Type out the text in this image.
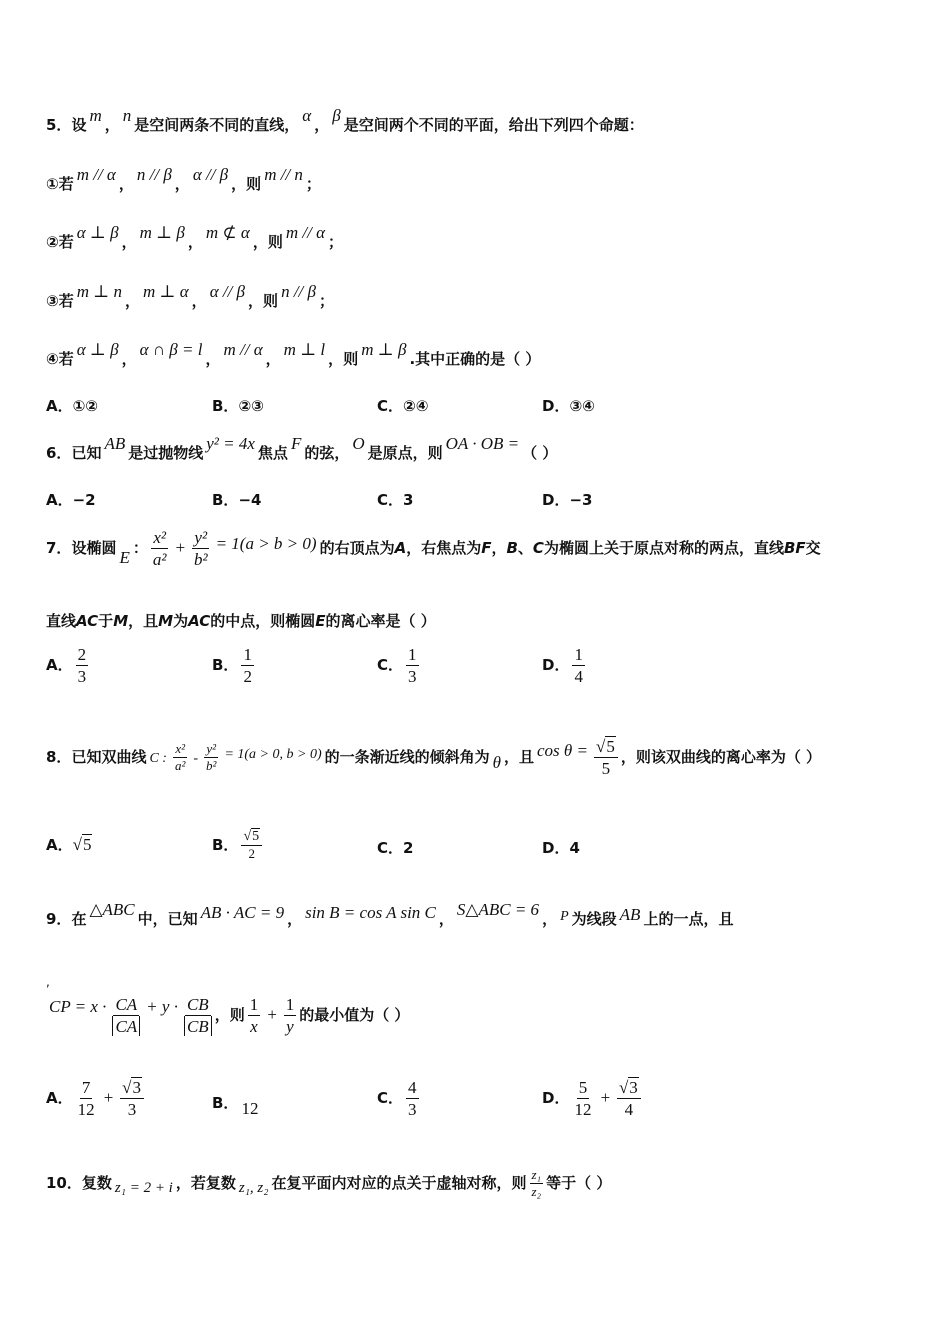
5．设 m ， n 是空间两条不同的直线， α ， β 是空间两个不同的平面，给出下列四个命题：
①若 m // α ， n // β ， α // β ，则 m // n ；
②若 α ⊥ β ， m ⊥ β ， m ⊄ α ，则 m // α ；
③若 m ⊥ n ， m ⊥ α ， α // β ，则 n // β ；
④若 α ⊥ β ， α ∩ β = l ， m // α ， m ⊥ l ，则 m ⊥ β .其中正确的是（ ）
A．①②	B．②③	C．②④	D．③④
6．已知 AB 是过抛物线 y² = 4x 焦点 F 的弦， O 是原点，则 OA · OB = （ ）
A．−2	B．−4	C．3	D．−3
7．设椭圆 E ： $\frac{\text{x²}}{\text{a²}} + \frac{\text{y²}}{\text{b²}} = 1(a > b > 0)$ 的右顶点为A，右焦点为F，B、C为椭圆上关于原点对称的两点，直线BF交
直线AC于M，且M为AC的中点，则椭圆E的离心率是（ ）
A． $\frac{2}{3}$	B． $\frac{1}{2}$	C． $\frac{1}{3}$	D． $\frac{1}{4}$
8．已知双曲线 C : $\frac{\text{x²}}{\text{a²}} - \frac{\text{y²}}{\text{b²}} = 1(a > 0$, b > 0) 的一条渐近线的倾斜角为 θ ，且 $\cos \theta = \frac{√5}{5}$ ，则该双曲线的离心率为（ ）
A．√5	B． $\frac{√5}{2}$	C．2	D．4
9．在 △ABC 中，已知 AB · AC = 9 ， sin B = cos A sin C ， S△ABC = 6 ， P 为线段 AB 上的一点，且
,
CP = $x \cdot \frac{CA}{CA} + y \cdot \frac{CB}{CB}$ ，则 $\frac{1}{x} + \frac{1}{y}$ 的最小值为（ ）
A． $\frac{7}{12} + \frac{√3}{3}$	B． 12
C． $\frac{4}{3}$	D． $\frac{5}{12} + \frac{√3}{4}$
10．复数 z₁ = 2 + i ，若复数 z₁, z₂ 在复平面内对应的点关于虚轴对称，则 $\frac{\text{z₁}}{\text{z₂}}$ 等于（ ）
